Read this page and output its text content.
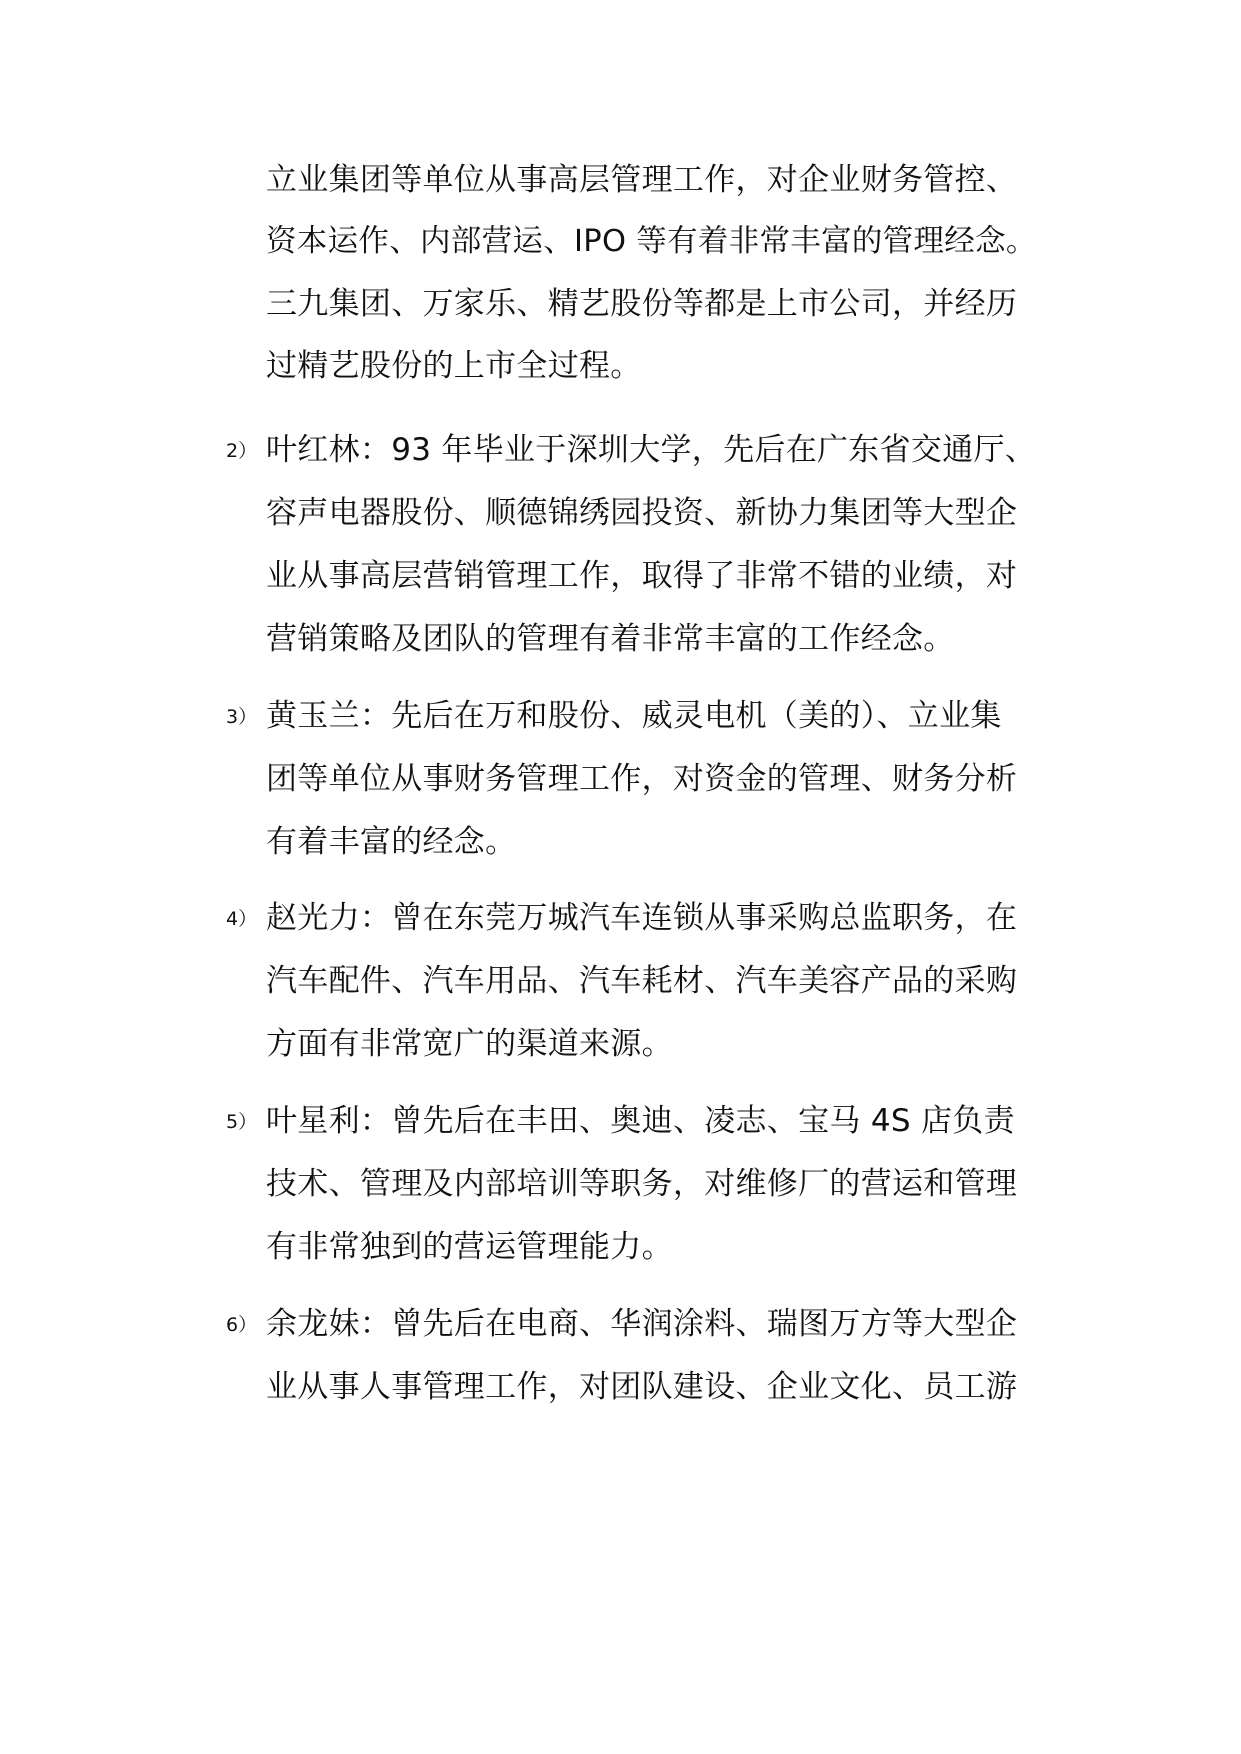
立业集团等单位从事高层管理工作，对企业财务管控、
资本运作、内部营运、IPO 等有着非常丰富的管理经念。
三九集团、万家乐、精艺股份等都是上市公司，并经历
过精艺股份的上市全过程。
2） 叶红林：93 年毕业于深圳大学，先后在广东省交通厅、
容声电器股份、顺德锦绣园投资、新协力集团等大型企
业从事高层营销管理工作，取得了非常不错的业绩，对
营销策略及团队的管理有着非常丰富的工作经念。
3） 黄玉兰：先后在万和股份、威灵电机（美的）、立业集
团等单位从事财务管理工作，对资金的管理、财务分析
有着丰富的经念。
4） 赵光力：曾在东莞万城汽车连锁从事采购总监职务，在
汽车配件、汽车用品、汽车耗材、汽车美容产品的采购
方面有非常宽广的渠道来源。
5） 叶星利：曾先后在丰田、奥迪、凌志、宝马 4S 店负责
技术、管理及内部培训等职务，对维修厂的营运和管理
有非常独到的营运管理能力。
6） 余龙妹：曾先后在电商、华润涂料、瑞图万方等大型企
业从事人事管理工作，对团队建设、企业文化、员工游
